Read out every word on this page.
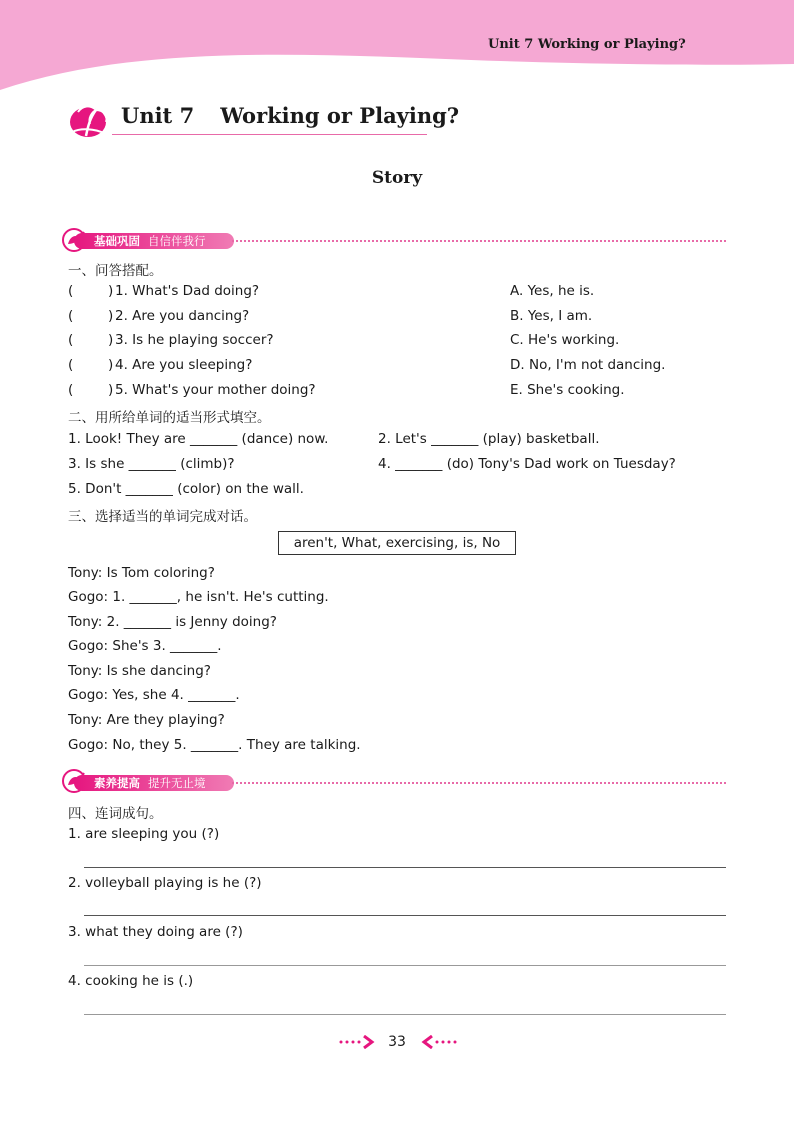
Unit 7 Working or Playing?
Unit 7 Working or Playing?
Story
基础巩固 自信伴我行
一、问答搭配。
(	) 1. What's Dad doing?	A. Yes, he is.
(	) 2. Are you dancing?	B. Yes, I am.
(	) 3. Is he playing soccer?	C. He's working.
(	) 4. Are you sleeping?	D. No, I'm not dancing.
(	) 5. What's your mother doing?	E. She's cooking.
二、用所给单词的适当形式填空。
1. Look! They are _______ (dance) now.	2. Let's _______ (play) basketball.
3. Is she _______ (climb)?	4. _______ (do) Tony's Dad work on Tuesday?
5. Don't _______ (color) on the wall.
三、选择适当的单词完成对话。
aren't, What, exercising, is, No
Tony: Is Tom coloring?
Gogo: 1. _______, he isn't. He's cutting.
Tony: 2. _______ is Jenny doing?
Gogo: She's 3. _______.
Tony: Is she dancing?
Gogo: Yes, she 4. _______.
Tony: Are they playing?
Gogo: No, they 5. _______. They are talking.
素养提高 提升无止境
四、连词成句。
1. are sleeping you (?)
2. volleyball playing is he (?)
3. what they doing are (?)
4. cooking he is (.)
33
